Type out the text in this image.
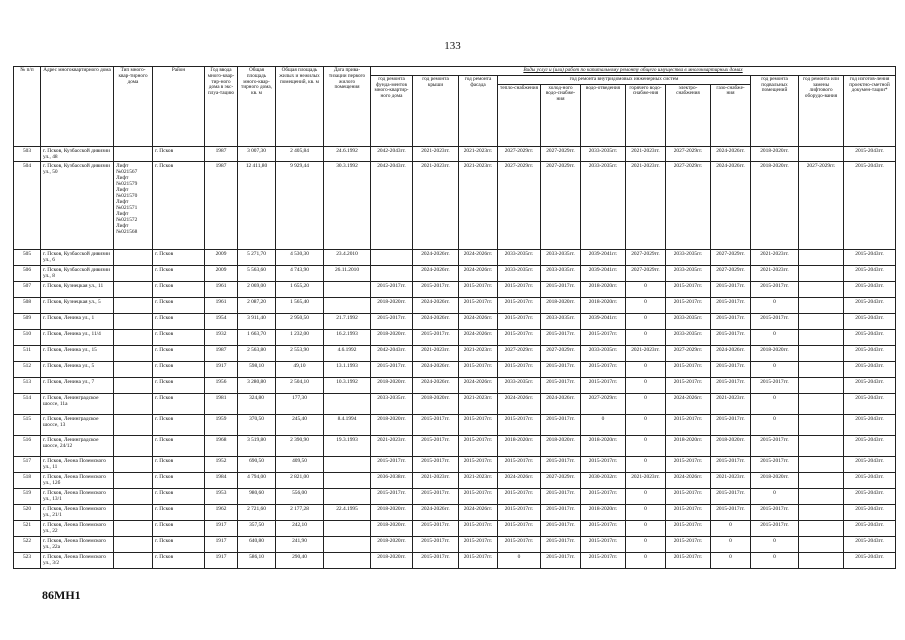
133
№ п/п	Адрес многоквартирного дома	Тип много-квар-тирного дома	Район	Год ввода много-квар-тир-ного дома в экс-плуа-тацию	Общая площадь много-квар-тирного дома, кв. м	Общая площадь жилых и нежилых помещений, кв. м	Дата прива-тизации первого жилого помещения	Виды услуг и (или) работ по капитальному ремонту общего имущества в многоквартирных домах											
								год ремонта фунда-ментов много-квартир-ного дома	год ремонта крыши	год ремонта фасада	год ремонта внутридомовых инженерных систем						год ремонта подвальных помещений	год ремонта или замены лифтового оборудо-вания	год изготов-ления проектно-сметной докумен-тации*
											тепло-снабжения	холод-ного водо-снабже-ния	водо-отведения	горячего водо-снабже-ния	электро-снабжения	газо-снабже-ния			
503	г. Псков, Кузбасской дивизии ул., 48		г. Псков	1987	3 007,30	2 405,84	24.6.1992	2042-2043гг.	2021-2023гг.	2021-2023гг.	2027-2029гг.	2027-2029гг.	2033-2035гг.	2021-2023гг.	2027-2029гг.	2024-2026гг.	2018-2020гг.		2015-2043гг.
504	г. Псков, Кузбасской дивизии ул., 50	Лифт №021567 Лифт №021579 Лифт №021570 Лифт №021571 Лифт №021572 Лифт №021568	г. Псков	1987	12 411,80	9 929,44	30.3.1992	2042-2043гг.	2021-2023гг.	2021-2023гг.	2027-2029гг.	2027-2029гг.	2033-2035гг.	2021-2023гг.	2027-2029гг.	2024-2026гг.	2018-2020гг.	2027-2029гг.	2015-2043гг.
505	г. Псков, Кузбасской дивизии ул., 6		г. Псков	2009	5 271,70	4 530,30	23.4.2010		2024-2026гг.	2024-2026гг.	2033-2035гг.	2033-2035гг.	2039-2041гг.	2027-2029гг.	2033-2035гг.	2027-2029гг.	2021-2023гг.		2015-2043гг.
506	г. Псков, Кузбасской дивизии ул., 8		г. Псков	2009	5 563,60	4 743,90	26.11.2010		2024-2026гг.	2024-2026гг.	2033-2035гг.	2033-2035гг.	2039-2041гг.	2027-2029гг.	2033-2035гг.	2027-2029гг.	2021-2023гг.		2015-2043гг.
507	г. Псков, Кузнецкая ул., 11		г. Псков	1961	2 069,00	1 655,20		2015-2017гг.	2015-2017гг.	2015-2017гг.	2015-2017гг.	2015-2017гг.	2018-2020гг.	0	2015-2017гг.	2015-2017гг.	2015-2017гг.		2015-2043гг.
508	г. Псков, Кузнецкая ул., 5		г. Псков	1961	2 087,20	1 565,40		2018-2020гг.	2024-2026гг.	2015-2017гг.	2015-2017гг.	2018-2020гг.	2018-2020гг.	0	2015-2017гг.	2015-2017гг.	0		2015-2043гг.
509	г. Псков, Ленина ул., 1		г. Псков	1954	3 911,40	2 950,50	21.7.1992	2015-2017гг.	2024-2026гг.	2024-2026гг.	2015-2017гг.	2033-2035гг.	2039-2041гг.	0	2033-2035гг.	2015-2017гг.	2015-2017гг.		2015-2043гг.
510	г. Псков, Ленина ул., 11/4		г. Псков	1932	1 663,70	1 232,00	16.2.1993	2018-2020гг.	2015-2017гг.	2024-2026гг.	2015-2017гг.	2015-2017гг.	2015-2017гг.	0	2033-2035гг.	2015-2017гг.	0		2015-2043гг.
511	г. Псков, Ленина ул., 15		г. Псков	1987	2 563,80	2 553,90	4.6.1992	2042-2043гг.	2021-2023гг.	2021-2023гг.	2027-2029гг.	2027-2029гг.	2033-2035гг.	2021-2023гг.	2027-2029гг.	2024-2026гг.	2018-2020гг.		2015-2043гг.
512	г. Псков, Ленина ул., 5		г. Псков	1917	598,10	49,10	13.1.1993	2015-2017гг.	2024-2026гг.	2015-2017гг.	2015-2017гг.	2015-2017гг.	2015-2017гг.	0	2015-2017гг.	2015-2017гг.	0		2015-2043гг.
513	г. Псков, Ленина ул., 7		г. Псков	1956	3 280,80	2 504,10	10.3.1992	2018-2020гг.	2024-2026гг.	2024-2026гг.	2033-2035гг.	2015-2017гг.	2015-2017гг.	0	2015-2017гг.	2015-2017гг.	2015-2017гг.		2015-2043гг.
514	г. Псков, Ленинградское шоссе, 11а		г. Псков	1981	324,80	177,30		2033-2035гг.	2018-2020гг.	2021-2023гг.	2024-2026гг.	2024-2026гг.	2027-2029гг.	0	2024-2026гг.	2021-2023гг.	0		2015-2043гг.
515	г. Псков, Ленинградское шоссе, 13		г. Псков	1959	370,50	245,40	8.4.1994	2018-2020гг.	2015-2017гг.	2015-2017гг.	2015-2017гг.	2015-2017гг.	0	0	2015-2017гг.	2015-2017гг.	0		2015-2043гг.
516	г. Псков, Ленинградское шоссе, 24/12		г. Псков	1968	3 519,80	2 390,90	19.3.1993	2021-2023гг.	2015-2017гг.	2015-2017гг.	2018-2020гг.	2018-2020гг.	2018-2020гг.	0	2018-2020гг.	2018-2020гг.	2015-2017гг.		2015-2043гг.
517	г. Псков, Леона Поземского ул., 11		г. Псков	1952	690,50	409,50		2015-2017гг.	2015-2017гг.	2015-2017гг.	2015-2017гг.	2015-2017гг.	2015-2017гг.	0	2015-2017гг.	2015-2017гг.	2015-2017гг.		2015-2043гг.
518	г. Псков, Леона Поземского ул., 12б		г. Псков	1984	4 794,00	2 821,00		2036-2038гг.	2021-2023гг.	2021-2023гг.	2024-2026гг.	2027-2029гг.	2030-2032гг.	2021-2023гг.	2024-2026гг.	2021-2023гг.	2018-2020гг.		2015-2043гг.
519	г. Псков, Леона Поземского ул., 13/1		г. Псков	1953	980,60	556,00		2015-2017гг.	2015-2017гг.	2015-2017гг.	2015-2017гг.	2015-2017гг.	2015-2017гг.	0	2015-2017гг.	2015-2017гг.	0		2015-2043гг.
520	г. Псков, Леона Поземского ул., 21/1		г. Псков	1962	2 721,60	2 177,28	22.4.1995	2018-2020гг.	2024-2026гг.	2024-2026гг.	2015-2017гг.	2015-2017гг.	2018-2020гг.	0	2015-2017гг.	2015-2017гг.	2015-2017гг.		2015-2043гг.
521	г. Псков, Леона Поземского ул., 22		г. Псков	1917	357,50	242,10		2018-2020гг.	2015-2017гг.	2015-2017гг.	2015-2017гг.	2015-2017гг.	2015-2017гг.	0	2015-2017гг.	0	2015-2017гг.		2015-2043гг.
522	г. Псков, Леона Поземского ул., 22а		г. Псков	1917	640,80	241,90		2018-2020гг.	2015-2017гг.	2015-2017гг.	2015-2017гг.	2015-2017гг.	2015-2017гг.	0	2015-2017гг.	0	0		2015-2043гг.
523	г. Псков, Леона Поземского ул., 3/2		г. Псков	1917	586,10	290,40		2018-2020гг.	2015-2017гг.	2015-2017гг.	0	2015-2017гг.	2015-2017гг.	0	2015-2017гг.	0	0		2015-2043гг.
86МН1
